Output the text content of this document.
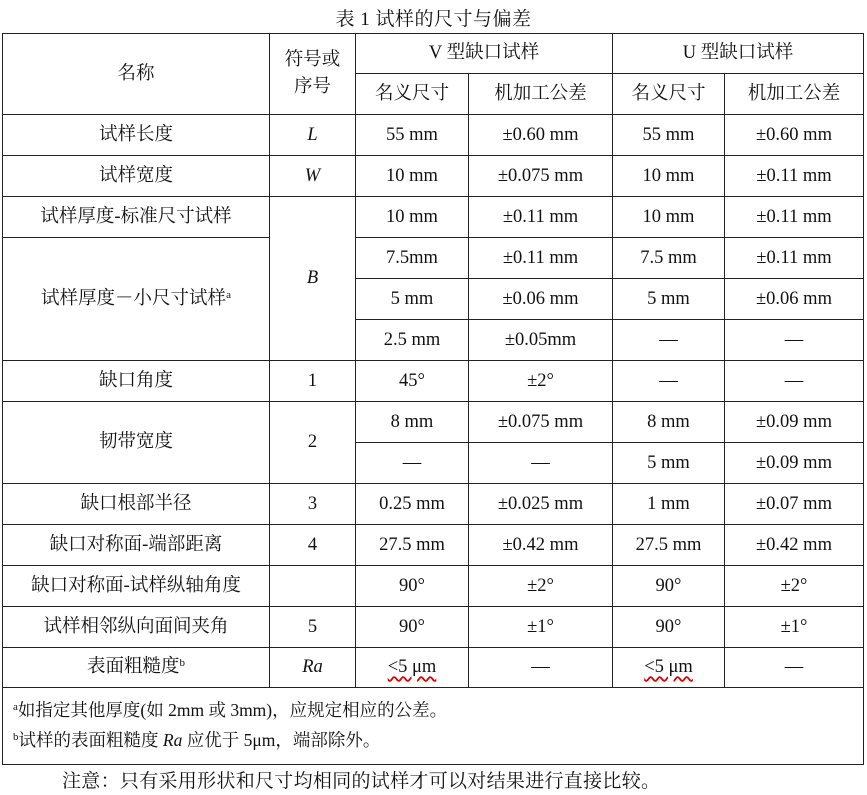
表 1 试样的尺寸与偏差
名称	符号或序号	V 型缺口试样		U 型缺口试样	
		名义尺寸	机加工公差	名义尺寸	机加工公差
试样长度	L	55 mm	±0.60 mm	55 mm	±0.60 mm
试样宽度	W	10 mm	±0.075 mm	10 mm	±0.11 mm
试样厚度-标准尺寸试样	B	10 mm	±0.11 mm	10 mm	±0.11 mm
试样厚度－小尺寸试样$^a$		7.5mm	±0.11 mm	7.5 mm	±0.11 mm
		5 mm	±0.06 mm	5 mm	±0.06 mm
		2.5 mm	±0.05mm	—	—
缺口角度	1	45°	±2°	—	—
韧带宽度	2	8 mm	±0.075 mm	8 mm	±0.09 mm
		—	—	5 mm	±0.09 mm
缺口根部半径	3	0.25 mm	±0.025 mm	1 mm	±0.07 mm
缺口对称面-端部距离	4	27.5 mm	±0.42 mm	27.5 mm	±0.42 mm
缺口对称面-试样纵轴角度		90°	±2°	90°	±2°
试样相邻纵向面间夹角	5	90°	±1°	90°	±1°
表面粗糙度$^b$	Ra	<5 μm	—	<5 μm	—

$^a$如指定其他厚度(如 2mm 或 3mm)，应规定相应的公差。
$^b$试样的表面粗糙度 Ra 应优于 5μm，端部除外。					
注意：只有采用形状和尺寸均相同的试样才可以对结果进行直接比较。
